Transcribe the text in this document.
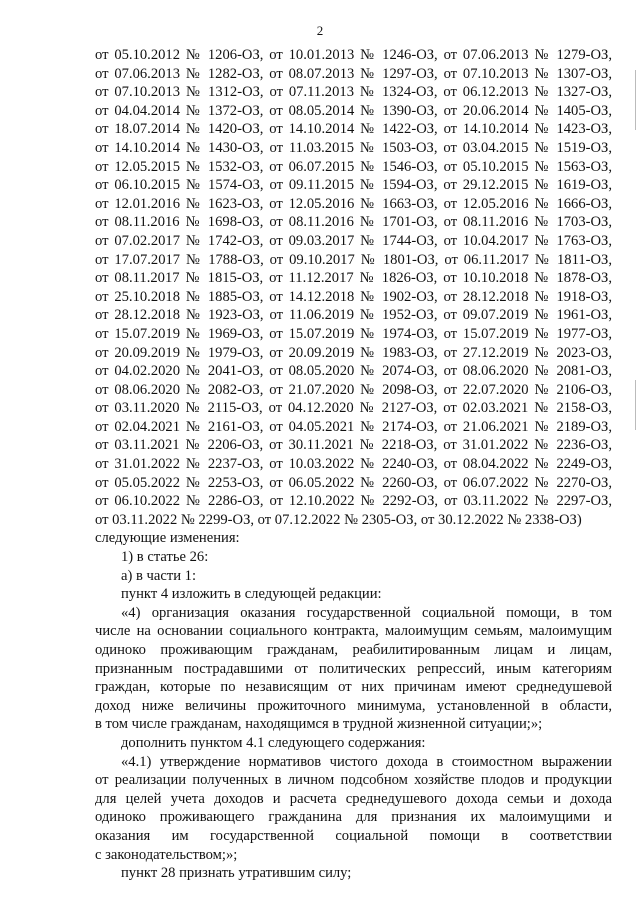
2
от 05.10.2012 № 1206-ОЗ, от 10.01.2013 № 1246-ОЗ, от 07.06.2013 № 1279-ОЗ,
от 07.06.2013 № 1282-ОЗ, от 08.07.2013 № 1297-ОЗ, от 07.10.2013 № 1307-ОЗ,
от 07.10.2013 № 1312-ОЗ, от 07.11.2013 № 1324-ОЗ, от 06.12.2013 № 1327-ОЗ,
от 04.04.2014 № 1372-ОЗ, от 08.05.2014 № 1390-ОЗ, от 20.06.2014 № 1405-ОЗ,
от 18.07.2014 № 1420-ОЗ, от 14.10.2014 № 1422-ОЗ, от 14.10.2014 № 1423-ОЗ,
от 14.10.2014 № 1430-ОЗ, от 11.03.2015 № 1503-ОЗ, от 03.04.2015 № 1519-ОЗ,
от 12.05.2015 № 1532-ОЗ, от 06.07.2015 № 1546-ОЗ, от 05.10.2015 № 1563-ОЗ,
от 06.10.2015 № 1574-ОЗ, от 09.11.2015 № 1594-ОЗ, от 29.12.2015 № 1619-ОЗ,
от 12.01.2016 № 1623-ОЗ, от 12.05.2016 № 1663-ОЗ, от 12.05.2016 № 1666-ОЗ,
от 08.11.2016 № 1698-ОЗ, от 08.11.2016 № 1701-ОЗ, от 08.11.2016 № 1703-ОЗ,
от 07.02.2017 № 1742-ОЗ, от 09.03.2017 № 1744-ОЗ, от 10.04.2017 № 1763-ОЗ,
от 17.07.2017 № 1788-ОЗ, от 09.10.2017 № 1801-ОЗ, от 06.11.2017 № 1811-ОЗ,
от 08.11.2017 № 1815-ОЗ, от 11.12.2017 № 1826-ОЗ, от 10.10.2018 № 1878-ОЗ,
от 25.10.2018 № 1885-ОЗ, от 14.12.2018 № 1902-ОЗ, от 28.12.2018 № 1918-ОЗ,
от 28.12.2018 № 1923-ОЗ, от 11.06.2019 № 1952-ОЗ, от 09.07.2019 № 1961-ОЗ,
от 15.07.2019 № 1969-ОЗ, от 15.07.2019 № 1974-ОЗ, от 15.07.2019 № 1977-ОЗ,
от 20.09.2019 № 1979-ОЗ, от 20.09.2019 № 1983-ОЗ, от 27.12.2019 № 2023-ОЗ,
от 04.02.2020 № 2041-ОЗ, от 08.05.2020 № 2074-ОЗ, от 08.06.2020 № 2081-ОЗ,
от 08.06.2020 № 2082-ОЗ, от 21.07.2020 № 2098-ОЗ, от 22.07.2020 № 2106-ОЗ,
от 03.11.2020 № 2115-ОЗ, от 04.12.2020 № 2127-ОЗ, от 02.03.2021 № 2158-ОЗ,
от 02.04.2021 № 2161-ОЗ, от 04.05.2021 № 2174-ОЗ, от 21.06.2021 № 2189-ОЗ,
от 03.11.2021 № 2206-ОЗ, от 30.11.2021 № 2218-ОЗ, от 31.01.2022 № 2236-ОЗ,
от 31.01.2022 № 2237-ОЗ, от 10.03.2022 № 2240-ОЗ, от 08.04.2022 № 2249-ОЗ,
от 05.05.2022 № 2253-ОЗ, от 06.05.2022 № 2260-ОЗ, от 06.07.2022 № 2270-ОЗ,
от 06.10.2022 № 2286-ОЗ, от 12.10.2022 № 2292-ОЗ, от 03.11.2022 № 2297-ОЗ,
от 03.11.2022 № 2299-ОЗ, от 07.12.2022 № 2305-ОЗ, от 30.12.2022 № 2338-ОЗ)
следующие изменения:
1) в статье 26:
а) в части 1:
пункт 4 изложить в следующей редакции:
«4) организация оказания государственной социальной помощи, в том
числе на основании социального контракта, малоимущим семьям, малоимущим
одиноко проживающим гражданам, реабилитированным лицам и лицам,
признанным пострадавшими от политических репрессий, иным категориям
граждан, которые по независящим от них причинам имеют среднедушевой
доход ниже величины прожиточного минимума, установленной в области,
в том числе гражданам, находящимся в трудной жизненной ситуации;»;
дополнить пунктом 4.1 следующего содержания:
«4.1) утверждение нормативов чистого дохода в стоимостном выражении
от реализации полученных в личном подсобном хозяйстве плодов и продукции
для целей учета доходов и расчета среднедушевого дохода семьи и дохода
одиноко проживающего гражданина для признания их малоимущими и
оказания им государственной социальной помощи в соответствии
с законодательством;»;
пункт 28 признать утратившим силу;
